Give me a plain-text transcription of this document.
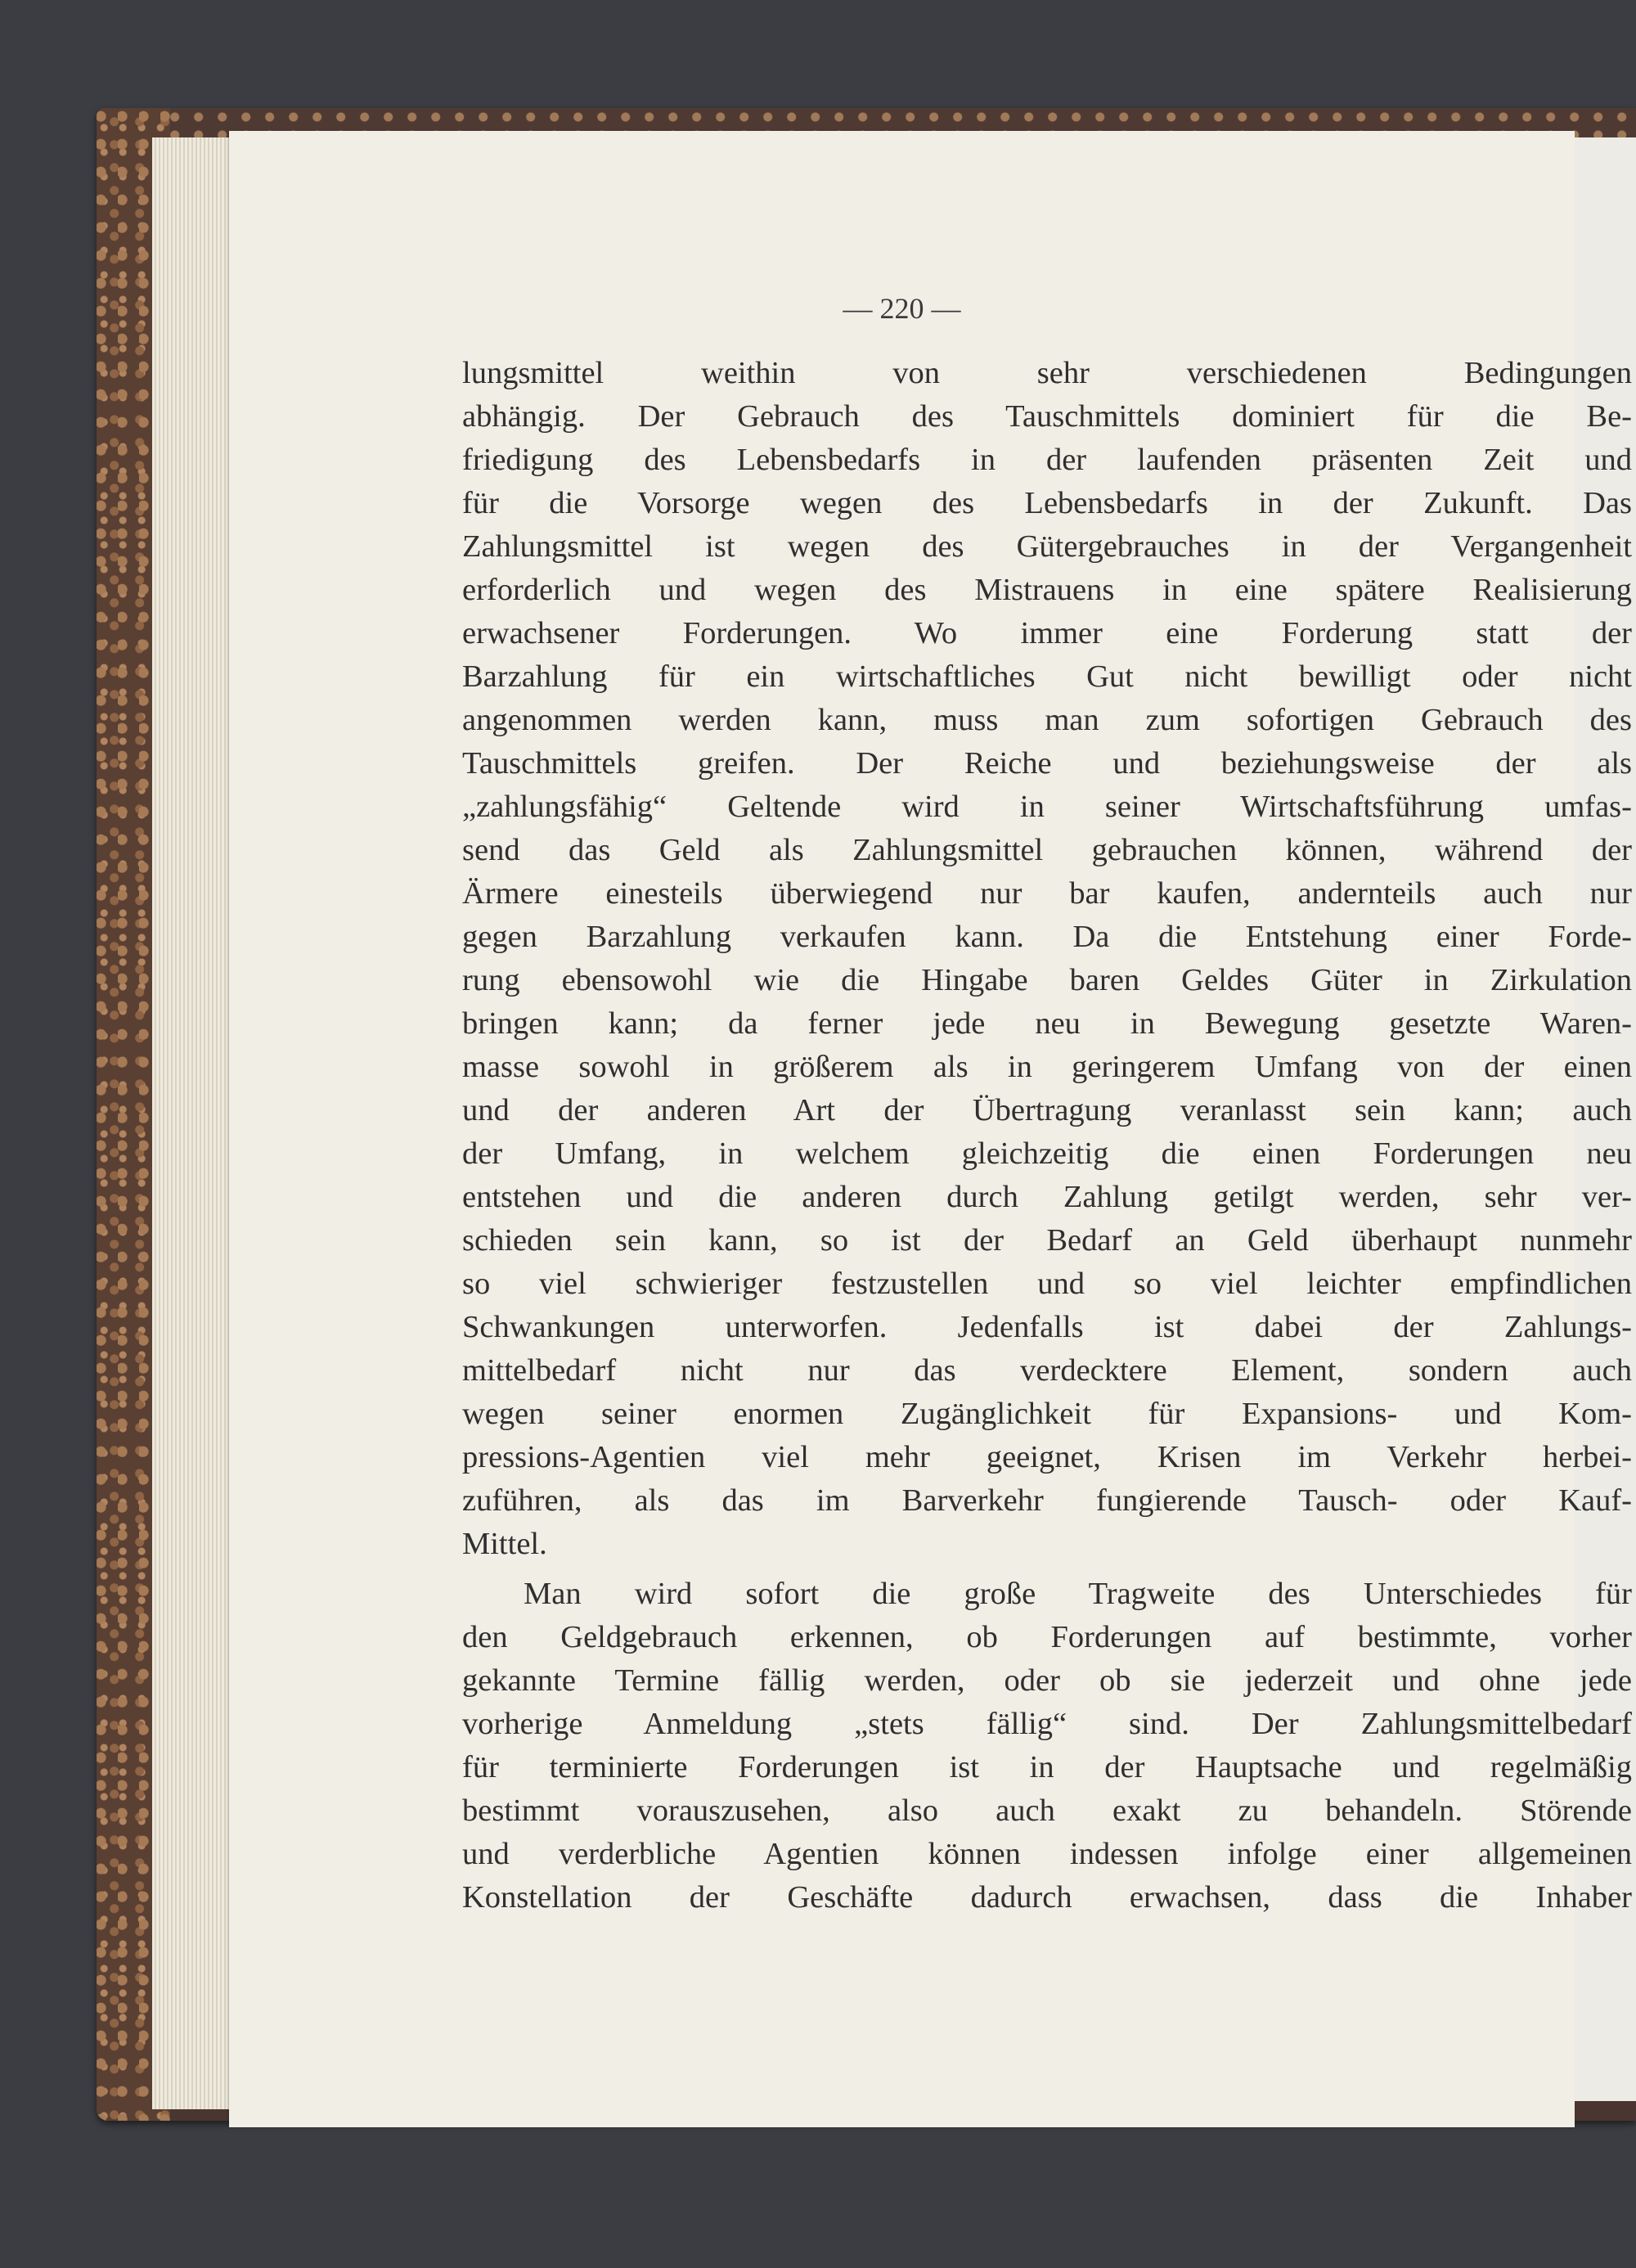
— 220 —
lungsmittel weithin von sehr verschiedenen Bedingungen
abhängig. Der Gebrauch des Tauschmittels dominiert für die Be-
friedigung des Lebensbedarfs in der laufenden präsenten Zeit und
für die Vorsorge wegen des Lebensbedarfs in der Zukunft. Das
Zahlungsmittel ist wegen des Gütergebrauches in der Vergangenheit
erforderlich und wegen des Mistrauens in eine spätere Realisierung
erwachsener Forderungen. Wo immer eine Forderung statt der
Barzahlung für ein wirtschaftliches Gut nicht bewilligt oder nicht
angenommen werden kann, muss man zum sofortigen Gebrauch des
Tauschmittels greifen. Der Reiche und beziehungsweise der als
„zahlungsfähig“ Geltende wird in seiner Wirtschaftsführung umfas-
send das Geld als Zahlungsmittel gebrauchen können, während der
Ärmere einesteils überwiegend nur bar kaufen, andernteils auch nur
gegen Barzahlung verkaufen kann. Da die Entstehung einer Forde-
rung ebensowohl wie die Hingabe baren Geldes Güter in Zirkulation
bringen kann; da ferner jede neu in Bewegung gesetzte Waren-
masse sowohl in größerem als in geringerem Umfang von der einen
und der anderen Art der Übertragung veranlasst sein kann; auch
der Umfang, in welchem gleichzeitig die einen Forderungen neu
entstehen und die anderen durch Zahlung getilgt werden, sehr ver-
schieden sein kann, so ist der Bedarf an Geld überhaupt nunmehr
so viel schwieriger festzustellen und so viel leichter empfindlichen
Schwankungen unterworfen. Jedenfalls ist dabei der Zahlungs-
mittelbedarf nicht nur das verdecktere Element, sondern auch
wegen seiner enormen Zugänglichkeit für Expansions- und Kom-
pressions-Agentien viel mehr geeignet, Krisen im Verkehr herbei-
zuführen, als das im Barverkehr fungierende Tausch- oder Kauf-
Mittel.
Man wird sofort die große Tragweite des Unterschiedes für
den Geldgebrauch erkennen, ob Forderungen auf bestimmte, vorher
gekannte Termine fällig werden, oder ob sie jederzeit und ohne jede
vorherige Anmeldung „stets fällig“ sind. Der Zahlungsmittelbedarf
für terminierte Forderungen ist in der Hauptsache und regelmäßig
bestimmt vorauszusehen, also auch exakt zu behandeln. Störende
und verderbliche Agentien können indessen infolge einer allgemeinen
Konstellation der Geschäfte dadurch erwachsen, dass die Inhaber
